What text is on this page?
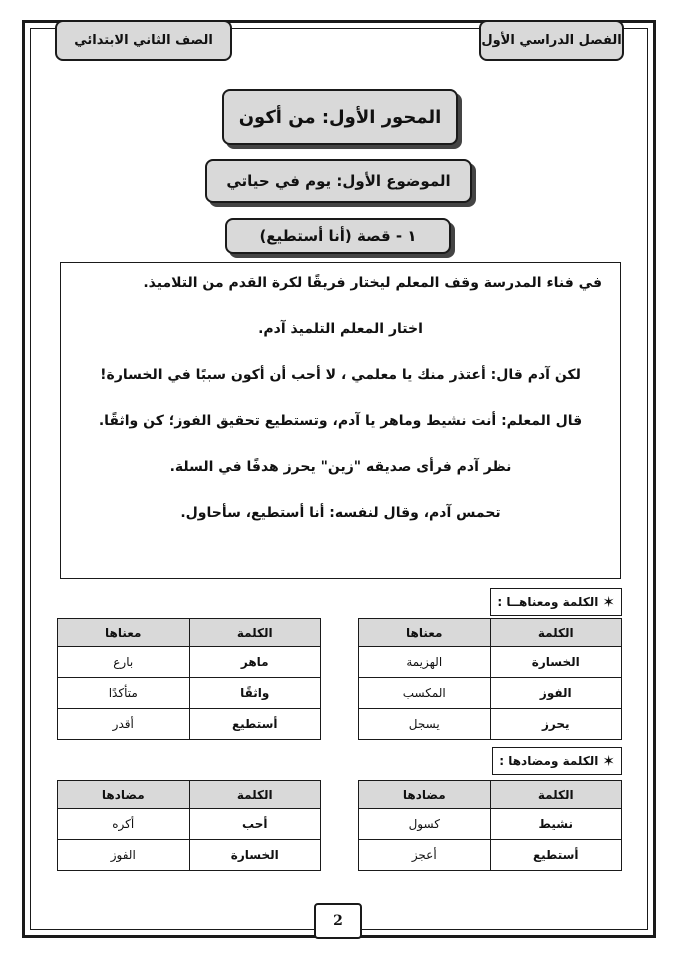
الفصل الدراسي الأول
الصف الثاني الابتدائي
المحور الأول: من أكون
الموضوع الأول: يوم في حياتي
١ - قصة (أنا أستطيع)

في فناء المدرسة وقف المعلم ليختار فريقًا لكرة القدم من التلاميذ.

اختار المعلم التلميذ آدم.

لكن آدم قال: أعتذر منك يا معلمي ، لا أحب أن أكون سببًا في الخسارة!

قال المعلم: أنت نشيط وماهر يا آدم، وتستطيع تحقيق الفوز؛ كن واثقًا.

نظر آدم فرأى صديقه "زين" يحرز هدفًا في السلة.

تحمس آدم، وقال لنفسه: أنا أستطيع، سأحاول.

✶
الكلمة ومعناهــا :
الكلمة	معناها
الخسارة	الهزيمة
الفوز	المكسب
يحرز	يسجل
الكلمة	معناها
ماهر	بارع
واثقًا	متأكدًا
أستطيع	أقدر
✶
الكلمة ومضادها :
الكلمة	مضادها
نشيط	كسول
أستطيع	أعجز
الكلمة	مضادها
أحب	أكره
الخسارة	الفوز
2
